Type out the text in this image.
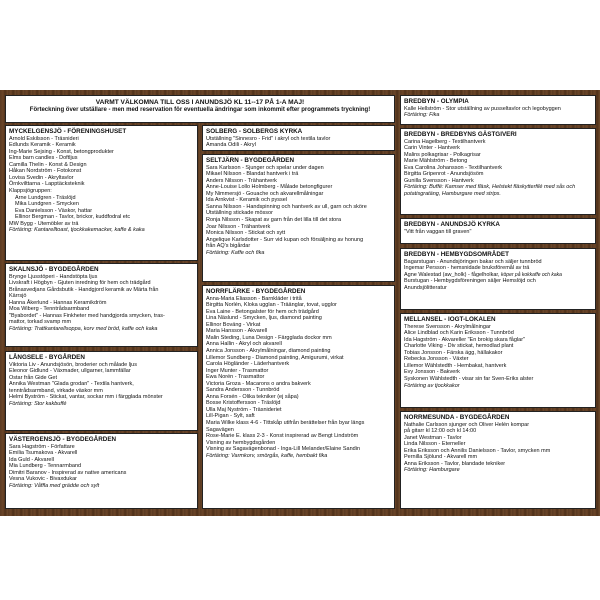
VARMT VÄLKOMNA TILL OSS I ANUNDSJÖ KL 11--17 PÅ 1-A MAJ!
Förteckning över utställare - men med reservation för eventuella ändringar som inkommit efter programmets tryckning!
MYCKELGENSJÖ - FÖRENINGSHUSET
Arnold Eskilsson - Träsnideri
Edlunds Keramik - Keramik
Ing-Marie Sejsing - Konst, betongprodukter
Elms barn candles - Doftljus
Camilla Thelin - Konst & Design
Håkan Nordström - Fotokonst
Lovisa Svedin - Akryltavlor
Örnkvilttarna - Lapptäcksteknik
Klappsjögruppen:
Arne Lundgren - Träslöjd
Mika Lundgren - Smycken
Eva Danielsson - Väskor, hattar
Ellinor Bergman - Tavlor, brickor, kuddfodral etc
MW Bygg - Utemöbler av trä
Förtäring: Kantarelltoast, tjockkakemacker, kaffe & kaka
SKALNSJÖ - BYGDEGÅRDEN
Brynge Ljusstöperi - Handstöpta ljus
Livskraft i Högbyn - Gjuten inredning för hem och trädgård
Brånasvedjans Gårdsbutik - Handgjord keramik av Märta från
Kärrsjö
Hanna Åkerlund - Hannas Keramikdröm
Moa Wiberg - Tenntrådsarmband
"Byabordet" - Hannas Finkheter med handgjorda smycken, tras-
mattor, torkad svamp mm
Förtäring: Trattkantarellsoppa, korv med bröd, kaffe och kaka
LÅNGSELE - BYGÅRDEN
Viktoria Liv - Anundsjösön, broderier och målade ljus
Eleonor Gidlund - Växmader, ullgarner, lammfällar
Ostar från Gide Get
Annika Westman "Glada grodan" - Textila hantverk,
tenntrådsarmband, virkade väskor mm
Helmi Byström - Stickat, vantar, sockar mm i färgglada mönster
Förtäring: Stor kakbuffé
VÄSTERGENSJÖ - BYGDEGÅRDEN
Sara Hagström - Författare
Emilia Tsumakova - Akvarell
Ida Guld - Akvarell
Mia Lundberg - Tennarmband
Dimitri Baranov - Inspirerad av native americans
Vesna Vukovic - Bivaxdukar
Förtäring: Våffla med grädde och sylt
SOLBERG - SOLBERGS KYRKA
Utställning "Sinnesro - Frid" i akryl och textila tavlor
Amanda Odili - Akryl
SELTJÄRN - BYGDEGÅRDEN
Sara Karlsson - Sjunger och spelar under dagen
Mikael Nilsson - Blandat hantverk i trä
Anders Nilsson - Trähantverk
Anne-Louise Lollo Holmberg - Målade betongfigurer
My Nimmersjö - Gouache och akvarellmålningar
Ida Arnkvist - Keramik och pyssel
Sanna Nilsson - Handspinning och hantverk av ull, garn och sköre
Utställning stickade mössor
Ronja Nilsson - Skapat av garn från det lilla till det stora
Joar Nilsson - Trähantverk
Monica Nilsson - Stickat och sytt
Angelique Karlsdotter - Surr vid kupan och försäljning av honung
från AQ's bigårdar
Förtäring: Kaffe och fika
NORRFLÄRKE - BYGDEGÅRDEN
Anna-Maria Eliasson - Barnkläder i tritå
Birgitta Norlén, Kloka ugglan - Träänglar, tovat, ugglor
Eva Laine - Betongalster för hem och trädgård
Lina Näslund - Smycken, ljus, diamond painting
Ellinor Boväng - Virkat
Maria Hansson - Akvarell
Malin Steding, Luna Design - Färgglada dockor mm
Anna Hallin - Akryl och akvarell
Annica Jonsson - Akrylmålningar, diamond painting
Lillemor Sundberg - Diamond painting, Amigurumi, virkat
Carola Högländer - Läderhantverk
Inger Munter - Trasmattor
Ewa Norén - Trasmattor
Victoria Groza - Macarons o andra bakverk
Sandra Andersson - Tunnbröd
Anna Forsén - Olika tekniker (ej såpa)
Bosse Kristoffersson - Träslöjd
Ulla Maj Nyström - Träsnideriet
Lill-Pigan - Sylt, saft
Maria Wilke klass 4-6 - Tittskåp utifrån berättelser från byar längs
Sagavägen
Rose-Marie E. klass 2-3 - Konst inspirerad av Bengt Lindström
Visning av hembygdsgården
Visning av Sagavägenbonad - Inga-Lill Melander/Elaine Sandin
Förtäring: Varmkorv, smörgås, kaffe, hembakt fika
BREDBYN - OLYMPIA
Kalle Hellström - Stor utställning av pusseltavlor och legobyggen
Förtäring: Fika
BREDBYN - BREDBYNS GÄSTGIVERI
Carina Hagelberg - Textilhantverk
Carin Vinter - Hantverk
Malins polkagrisar - Polkagrisar
Marie Mählström - Betong
Eva Carolina Johansson - Textilhantverk
Birgitta Gripenrot - Anundsjösöm
Gunilla Svensson - Hantverk
Förtäring: Buffé: Kamser med fläsk, Helstekt fläskytterfilé med sås och potatisgratäng, Hamburgare med strips.
BREDBYN - ANUNDSJÖ KYRKA
"Vitt från vaggan till graven"
BREDBYN - HEMBYGDSOMRÅDET
Bagarstugan - Anundsjöringen bakar och säljer tunnbröd
Ingemar Persson - hemsnidade bruksföremål av trä
Agne Walestad (aw_holk) - fågelholkar, köper på kokkaffe och kaka
Burstugan - Hembygdsföreningen säljer Hemslöjd och
Anundsjölitteratur
MELLANSEL - IOGT-LOKALEN
Therese Svensson - Akrylmålningar
Alice Lindblad och Karin Eriksson - Tunnbröd
Ida Hagström - Akvareller "En brokig skara fåglar"
Charlotte Viking - Div stickat, hemodlad plant
Tobias Jonsson - Färska ägg, hällakakor
Rebecka Jonsson - Växter
Lillemor Wählstedth - Hembakat, hantverk
Evy Jonsson - Bakverk
Syskonen Wählstedth - visar sin far Sven-Eriks alster
Förtäring av tjockkakor
NORRMESUNDA - BYGDEGÅRDEN
Nathalie Carlsson sjunger och Oliver Helén kompar
på gitarr kl 12:00 och kl 14:00
Janet Westman - Tavlor
Linda Nilsson - Eterneller
Erika Eriksson och Annilis Danielsson - Tavlor, smycken mm
Pernilla Sjölund - Akvarell mm
Anna Eriksson - Tavlor, blandade tekniker
Förtäring: Hamburgare
